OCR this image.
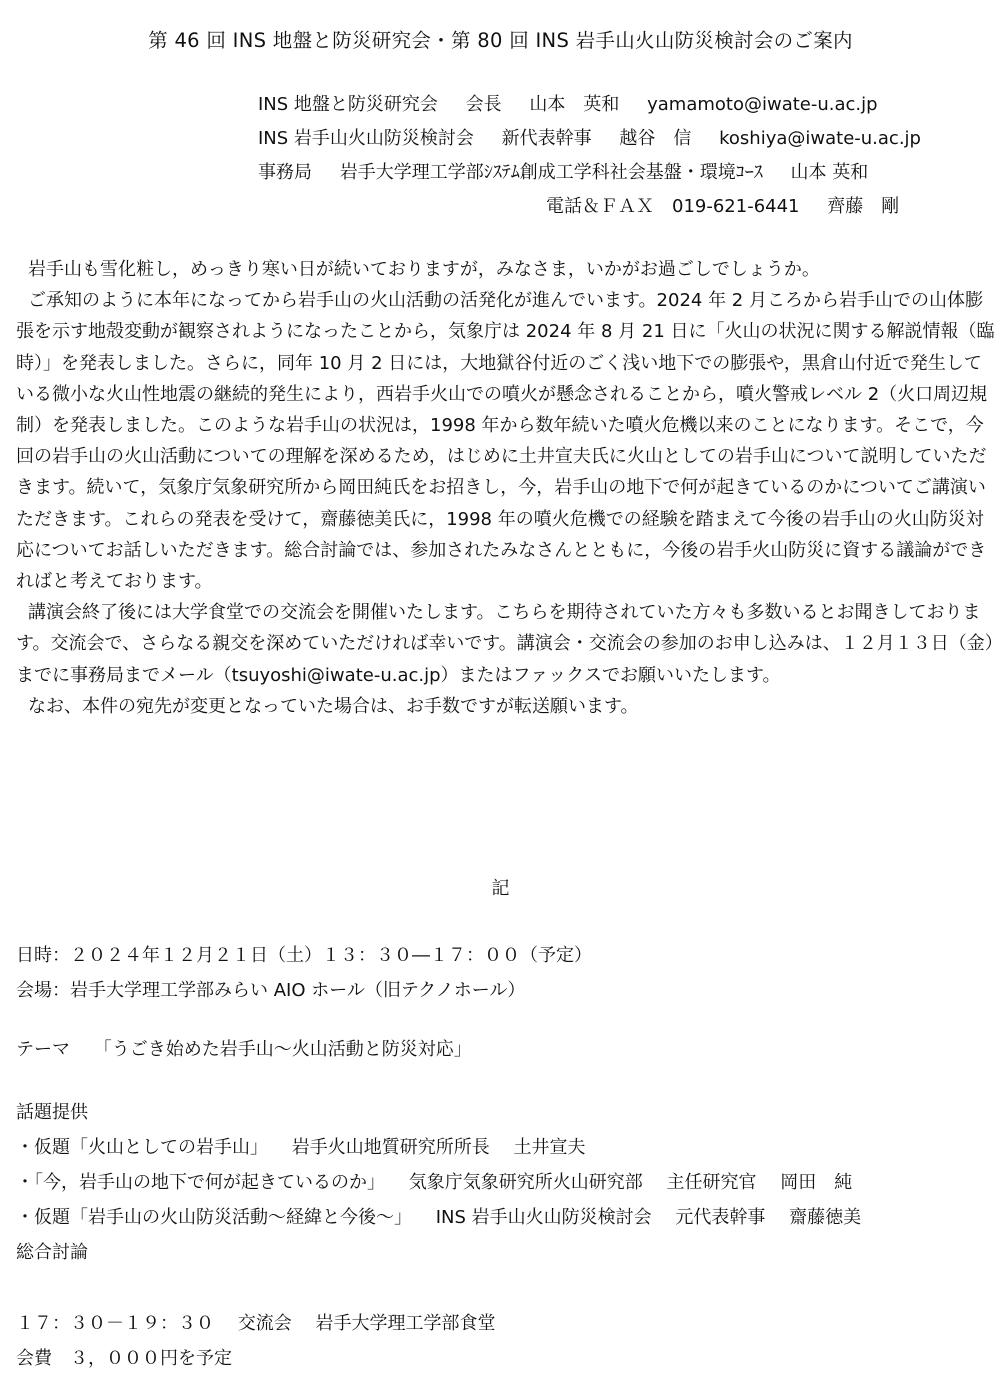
第 46 回 INS 地盤と防災研究会・第 80 回 INS 岩手山火山防災検討会のご案内
INS 地盤と防災研究会 会長 山本　英和 yamamoto@iwate-u.ac.jp
INS 岩手山火山防災検討会 新代表幹事 越谷　信 koshiya@iwate-u.ac.jp
事務局 岩手大学理工学部ｼｽﾃﾑ創成工学科社会基盤・環境ｺｰｽ 山本 英和
電話＆ＦＡＸ　019-621-6441 齊藤　剛

岩手山も雪化粧し，めっきり寒い日が続いておりますが，みなさま，いかがお過ごしでしょうか。

ご承知のように本年になってから岩手山の火山活動の活発化が進んでいます。2024 年 2 月ころから岩手山での山体膨張を示す地殻変動が観察されようになったことから，気象庁は 2024 年 8 月 21 日に「火山の状況に関する解説情報（臨時）」を発表しました。さらに，同年 10 月 2 日には，大地獄谷付近のごく浅い地下での膨張や，黒倉山付近で発生している微小な火山性地震の継続的発生により，西岩手火山での噴火が懸念されることから，噴火警戒レベル 2（火口周辺規制）を発表しました。このような岩手山の状況は，1998 年から数年続いた噴火危機以来のことになります。そこで，今回の岩手山の火山活動についての理解を深めるため，はじめに土井宣夫氏に火山としての岩手山について説明していただきます。続いて，気象庁気象研究所から岡田純氏をお招きし，今，岩手山の地下で何が起きているのかについてご講演いただきます。これらの発表を受けて，齋藤徳美氏に，1998 年の噴火危機での経験を踏まえて今後の岩手山の火山防災対応についてお話しいただきます。総合討論では、参加されたみなさんとともに，今後の岩手火山防災に資する議論ができればと考えております。

講演会終了後には大学食堂での交流会を開催いたします。こちらを期待されていた方々も多数いるとお聞きしております。交流会で、さらなる親交を深めていただければ幸いです。講演会・交流会の参加のお申し込みは、１２月１３日（金）までに事務局までメール（tsuyoshi@iwate-u.ac.jp）またはファックスでお願いいたします。

なお、本件の宛先が変更となっていた場合は、お手数ですが転送願います。

記
日時：２０２４年１２月２１日（土）１３：３０―１７：００（予定）
会場：岩手大学理工学部みらい AIO ホール（旧テクノホール）
テーマ 「うごき始めた岩手山～火山活動と防災対応」
話題提供
・仮題「火山としての岩手山」 岩手火山地質研究所所長 土井宣夫
・「今，岩手山の地下で何が起きているのか」 気象庁気象研究所火山研究部 主任研究官 岡田　純
・仮題「岩手山の火山防災活動～経緯と今後～」 INS 岩手山火山防災検討会 元代表幹事 齋藤徳美
総合討論
１７：３０－１９：３０ 交流会 岩手大学理工学部食堂
会費　３，０００円を予定
